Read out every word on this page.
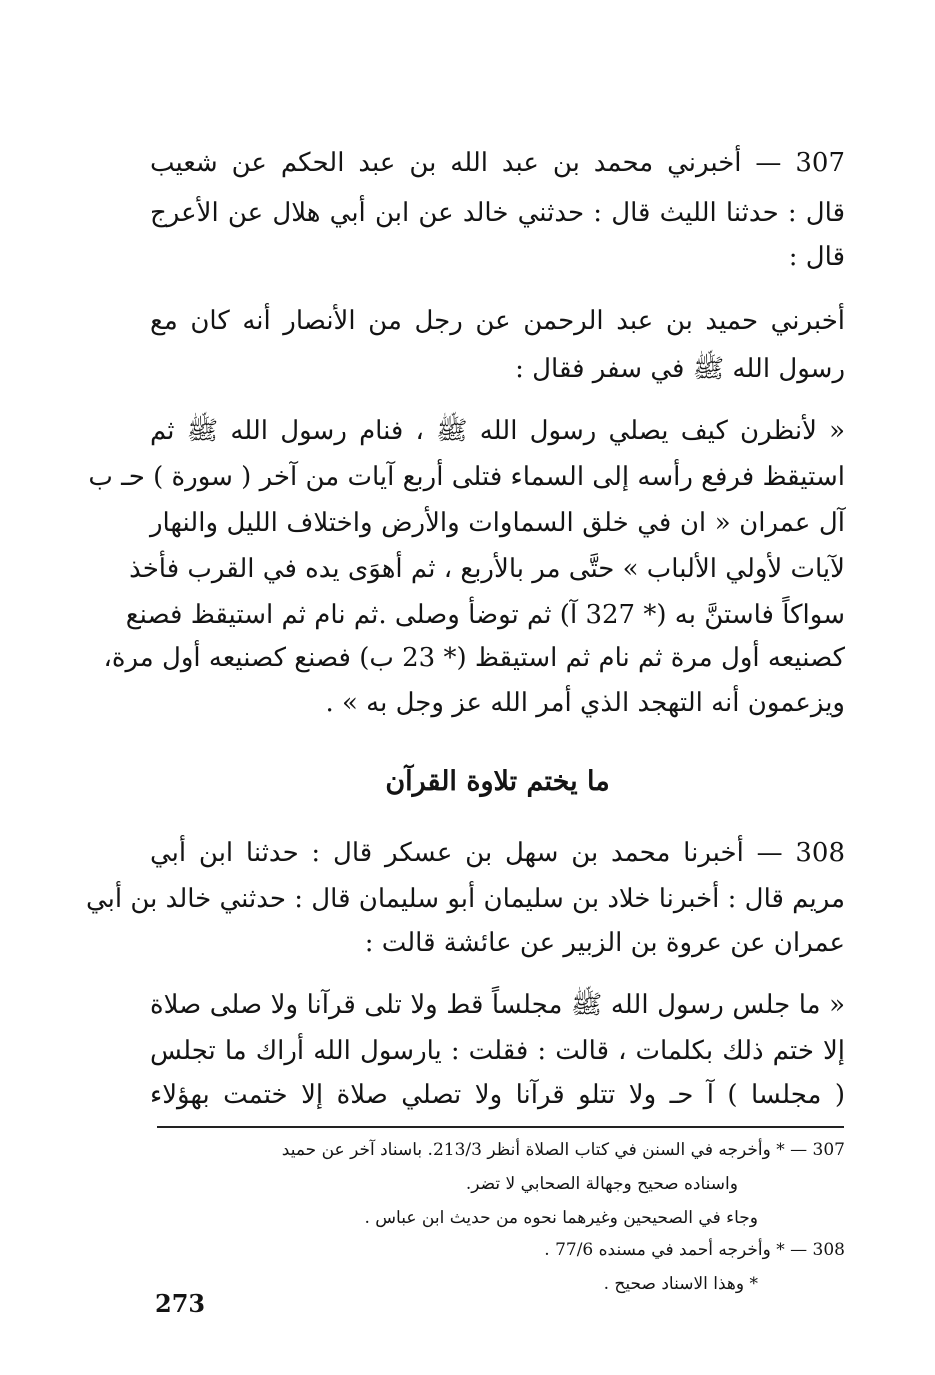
307 — أخبرني محمد بن عبد الله بن عبد الحكم عن شعيب
قال : حدثنا الليث قال : حدثني خالد عن ابن أبي هلال عن الأعرج
قال :
أخبرني حميد بن عبد الرحمن عن رجل من الأنصار أنه كان مع
رسول الله ﷺ في سفر فقال :
« لأنظرن كيف يصلي رسول الله ﷺ ، فنام رسول الله ﷺ ثم
استيقظ فرفع رأسه إلى السماء فتلى أربع آيات من آخر ( سورة ) حـ ب
آل عمران « ان في خلق السماوات والأرض واختلاف الليل والنهار
لآيات لأولي الألباب » حتَّى مر بالأربع ، ثم أهوَى يده في القرب فأخذ
سواكاً فاستنَّ به (* 327 آ) ثم توضأ وصلى .ثم نام ثم استيقظ فصنع
كصنيعه أول مرة ثم نام ثم استيقظ (* 23 ب) فصنع كصنيعه أول مرة،
ويزعمون أنه التهجد الذي أمر الله عز وجل به » .
ما يختم تلاوة القرآن
308 — أخبرنا محمد بن سهل بن عسكر قال : حدثنا ابن أبي
مريم قال : أخبرنا خلاد بن سليمان أبو سليمان قال : حدثني خالد بن أبي
عمران عن عروة بن الزبير عن عائشة قالت :
« ما جلس رسول الله ﷺ مجلساً قط ولا تلى قرآنا ولا صلى صلاة
إلا ختم ذلك بكلمات ، قالت : فقلت : يارسول الله أراك ما تجلس
( مجلسا ) آ حـ ولا تتلو قرآنا ولا تصلي صلاة إلا ختمت بهؤلاء
307 — * وأخرجه في السنن في كتاب الصلاة أنظر 213/3. باسناد آخر عن حميد
واسناده صحيح وجهالة الصحابي لا تضر.
وجاء في الصحيحين وغيرهما نحوه من حديث ابن عباس .
308 — * وأخرجه أحمد في مسنده 77/6 .
* وهذا الاسناد صحيح .
273
